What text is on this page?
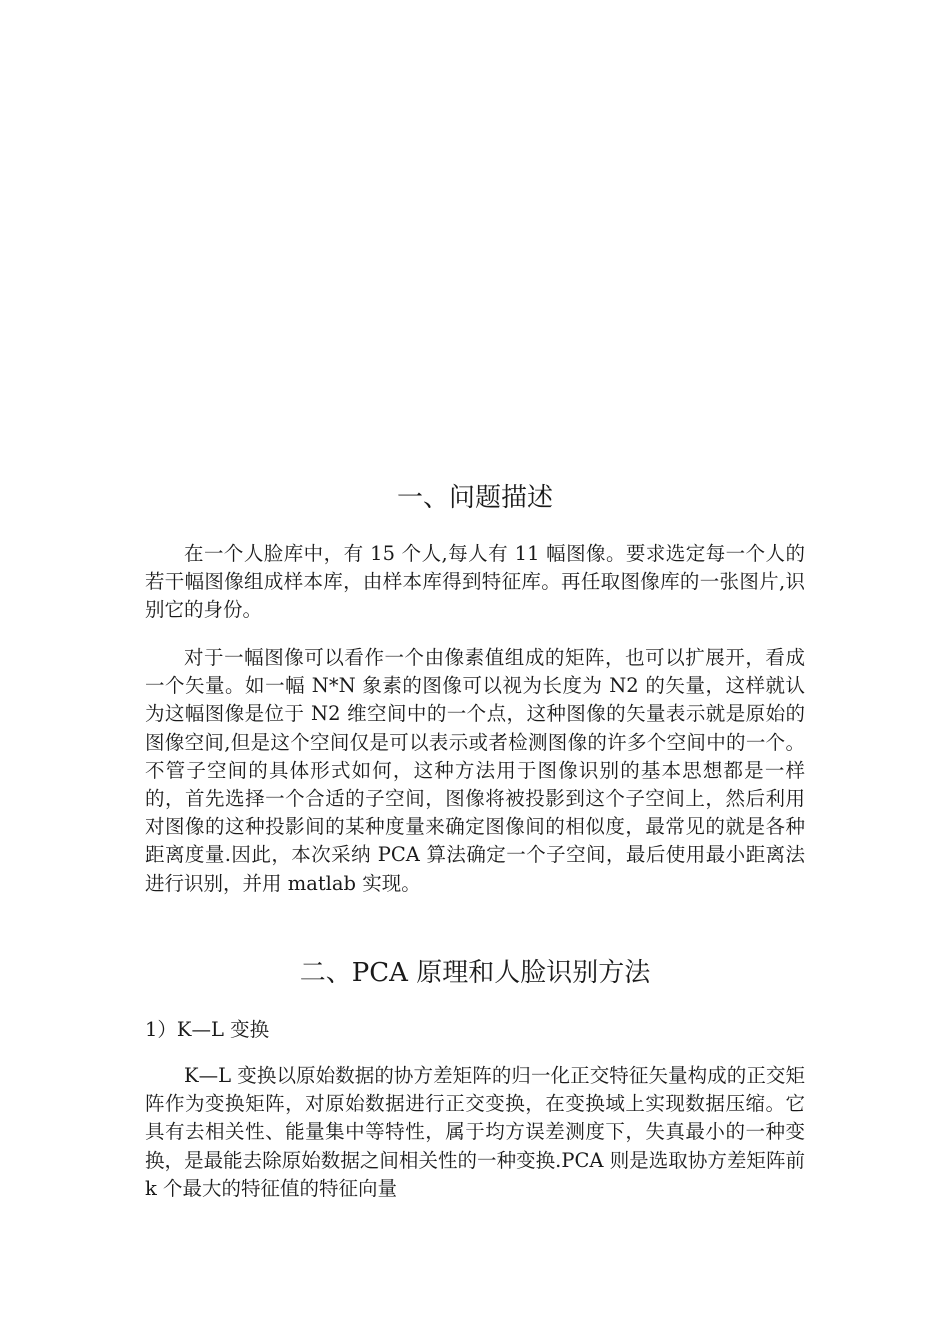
一、问题描述

在一个人脸库中，有 15 个人,每人有 11 幅图像。要求选定每一个人的若干幅图像组成样本库，由样本库得到特征库。再任取图像库的一张图片,识别它的身份。

对于一幅图像可以看作一个由像素值组成的矩阵，也可以扩展开，看成一个矢量。如一幅 N*N 象素的图像可以视为长度为 N2 的矢量，这样就认为这幅图像是位于 N2 维空间中的一个点，这种图像的矢量表示就是原始的图像空间,但是这个空间仅是可以表示或者检测图像的许多个空间中的一个。不管子空间的具体形式如何，这种方法用于图像识别的基本思想都是一样的，首先选择一个合适的子空间，图像将被投影到这个子空间上，然后利用对图像的这种投影间的某种度量来确定图像间的相似度，最常见的就是各种距离度量.因此，本次采纳 PCA 算法确定一个子空间，最后使用最小距离法进行识别，并用 matlab 实现。

二、PCA 原理和人脸识别方法

1）K—L 变换

K—L 变换以原始数据的协方差矩阵的归一化正交特征矢量构成的正交矩阵作为变换矩阵，对原始数据进行正交变换，在变换域上实现数据压缩。它具有去相关性、能量集中等特性，属于均方误差测度下，失真最小的一种变换，是最能去除原始数据之间相关性的一种变换.PCA 则是选取协方差矩阵前 k 个最大的特征值的特征向量
